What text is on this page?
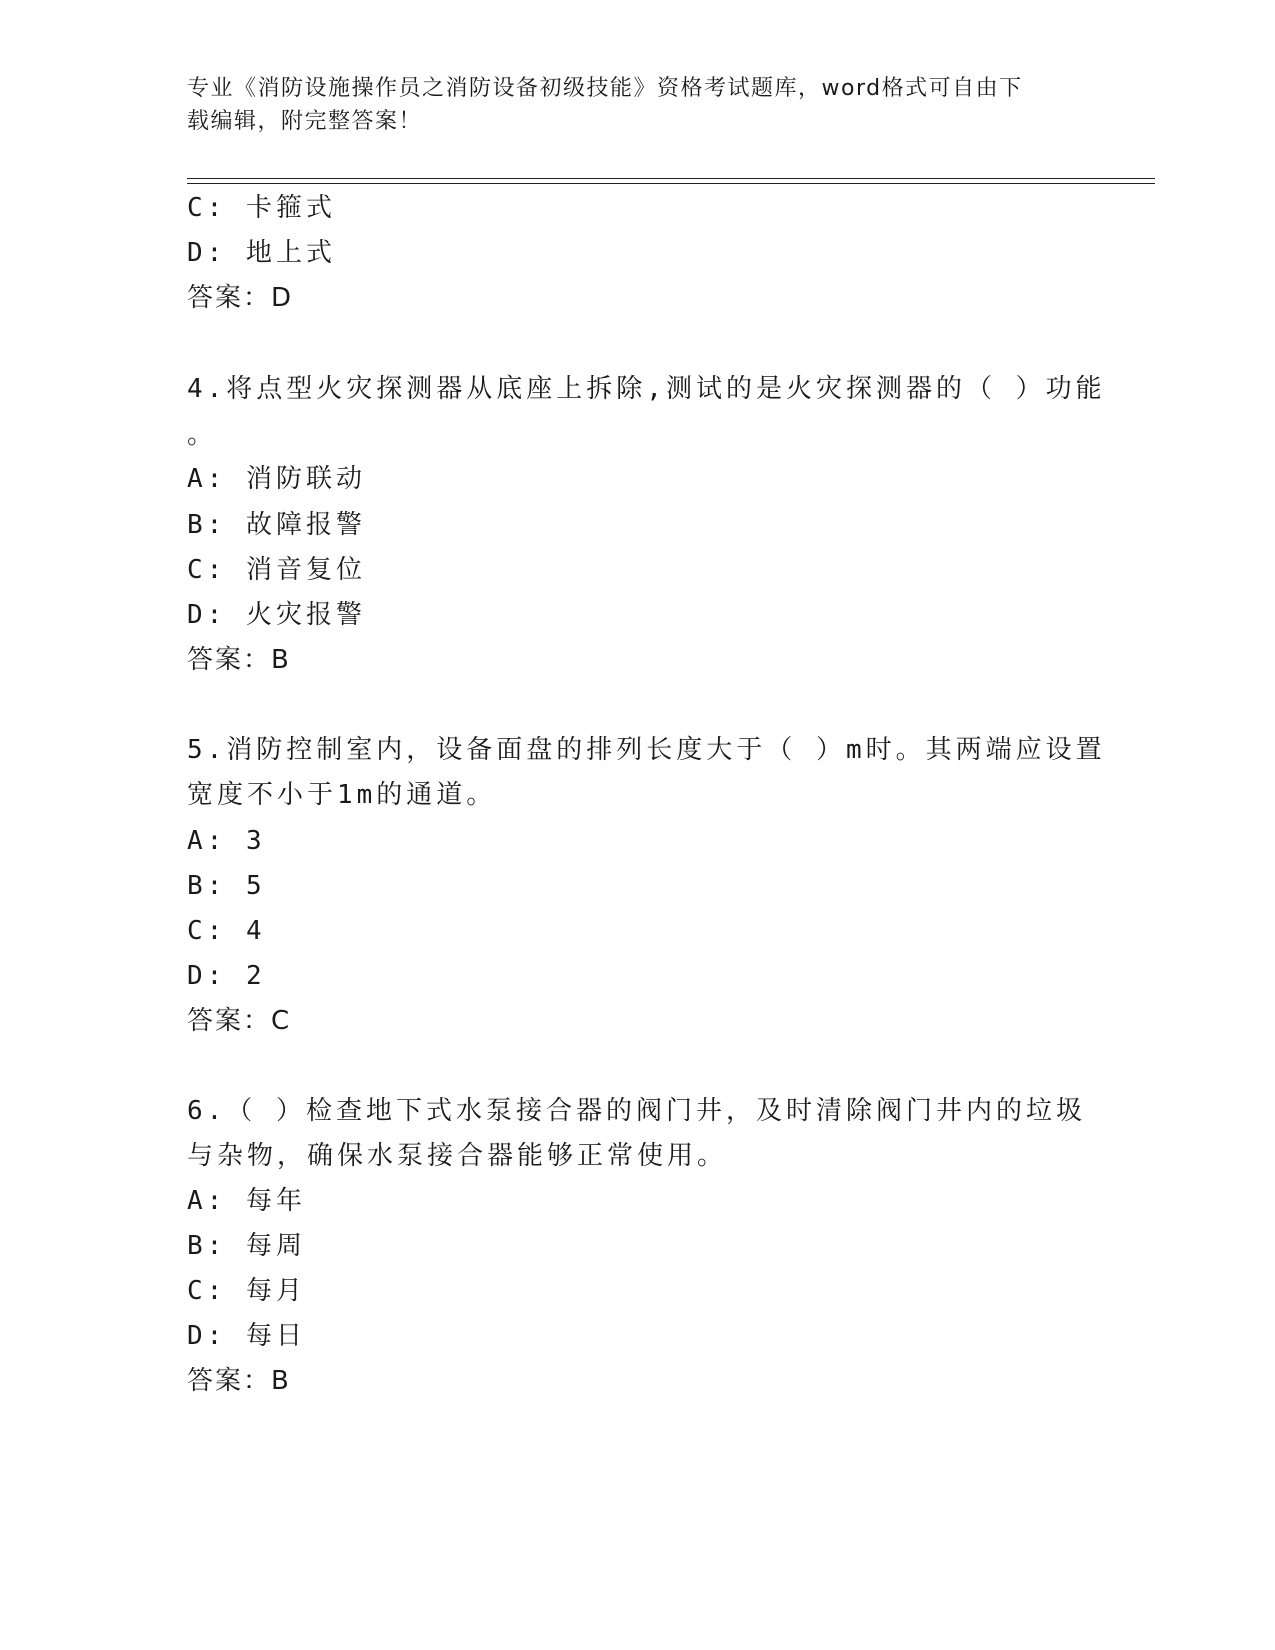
专业《消防设施操作员之消防设备初级技能》资格考试题库，word格式可自由下
载编辑，附完整答案！
C: 卡箍式
D: 地上式
答案：D
4.将点型火灾探测器从底座上拆除,测试的是火灾探测器的（ ）功能
。
A: 消防联动
B: 故障报警
C: 消音复位
D: 火灾报警
答案：B
5.消防控制室内，设备面盘的排列长度大于（ ）m时。其两端应设置
宽度不小于1m的通道。
A: 3
B: 5
C: 4
D: 2
答案：C
6.（ ）检查地下式水泵接合器的阀门井，及时清除阀门井内的垃圾
与杂物，确保水泵接合器能够正常使用。
A: 每年
B: 每周
C: 每月
D: 每日
答案：B
